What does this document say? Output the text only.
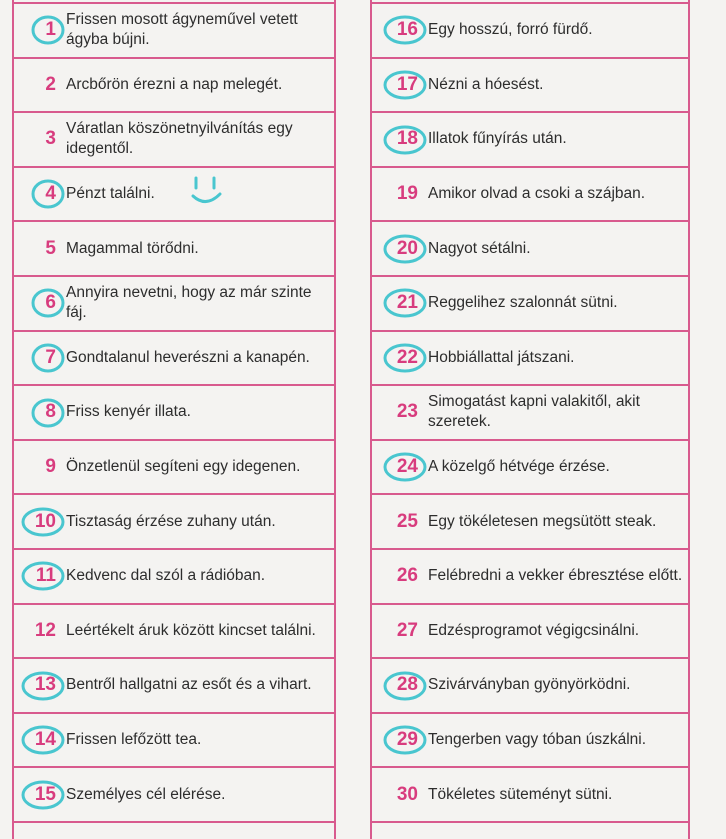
1 Frissen mosott ágyneművel vetett ágyba bújni.
2 Arcbőrön érezni a nap melegét.
3 Váratlan köszönetnyilvánítás egy idegentől.
4 Pénzt találni.
5 Magammal törődni.
6 Annyira nevetni, hogy az már szinte fáj.
7 Gondtalanul heverészni a kanapén.
8 Friss kenyér illata.
9 Önzetlenül segíteni egy idegenen.
10 Tisztaság érzése zuhany után.
11 Kedvenc dal szól a rádióban.
12 Leértékelt áruk között kincset találni.
13 Bentről hallgatni az esőt és a vihart.
14 Frissen lefőzött tea.
15 Személyes cél elérése.
16 Egy hosszú, forró fürdő.
17 Nézni a hóesést.
18 Illatok fűnyírás után.
19 Amikor olvad a csoki a szájban.
20 Nagyot sétálni.
21 Reggelihez szalonnát sütni.
22 Hobbiállattal játszani.
23 Simogatást kapni valakitől, akit szeretek.
24 A közelgő hétvége érzése.
25 Egy tökéletesen megsütött steak.
26 Felébredni a vekker ébresztése előtt.
27 Edzésprogramot végigcsinálni.
28 Szivárványban gyönyörködni.
29 Tengerben vagy tóban úszkálni.
30 Tökéletes süteményt sütni.
